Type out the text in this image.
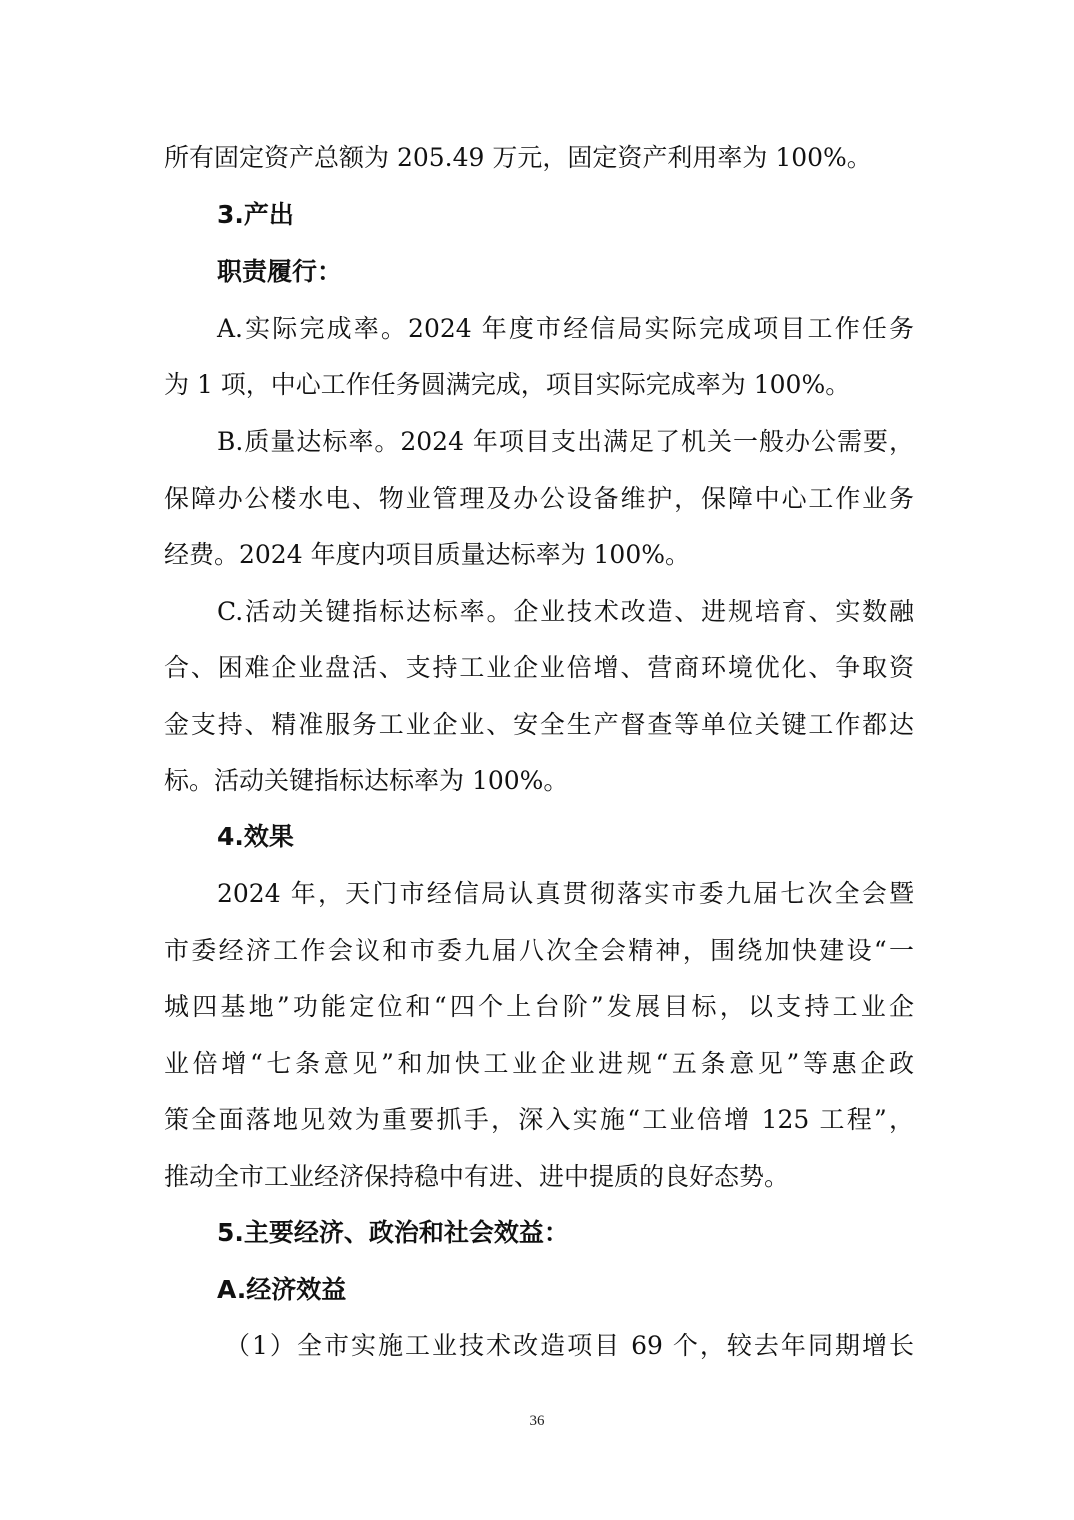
所有固定资产总额为 205.49 万元，固定资产利用率为 100%。
3.产出
职责履行：
A.实际完成率。2024 年度市经信局实际完成项目工作任务
为 1 项，中心工作任务圆满完成，项目实际完成率为 100%。
B.质量达标率。2024 年项目支出满足了机关一般办公需要，
保障办公楼水电、物业管理及办公设备维护，保障中心工作业务
经费。2024 年度内项目质量达标率为 100%。
C.活动关键指标达标率。企业技术改造、进规培育、实数融
合、困难企业盘活、支持工业企业倍增、营商环境优化、争取资
金支持、精准服务工业企业、安全生产督查等单位关键工作都达
标。活动关键指标达标率为 100%。
4.效果
2024 年，天门市经信局认真贯彻落实市委九届七次全会暨
市委经济工作会议和市委九届八次全会精神，围绕加快建设“一
城四基地”功能定位和“四个上台阶”发展目标，以支持工业企
业倍增“七条意见”和加快工业企业进规“五条意见”等惠企政
策全面落地见效为重要抓手，深入实施“工业倍增 125 工程”，
推动全市工业经济保持稳中有进、进中提质的良好态势。
5.主要经济、政治和社会效益：
A.经济效益
（1）全市实施工业技术改造项目 69 个，较去年同期增长
36
